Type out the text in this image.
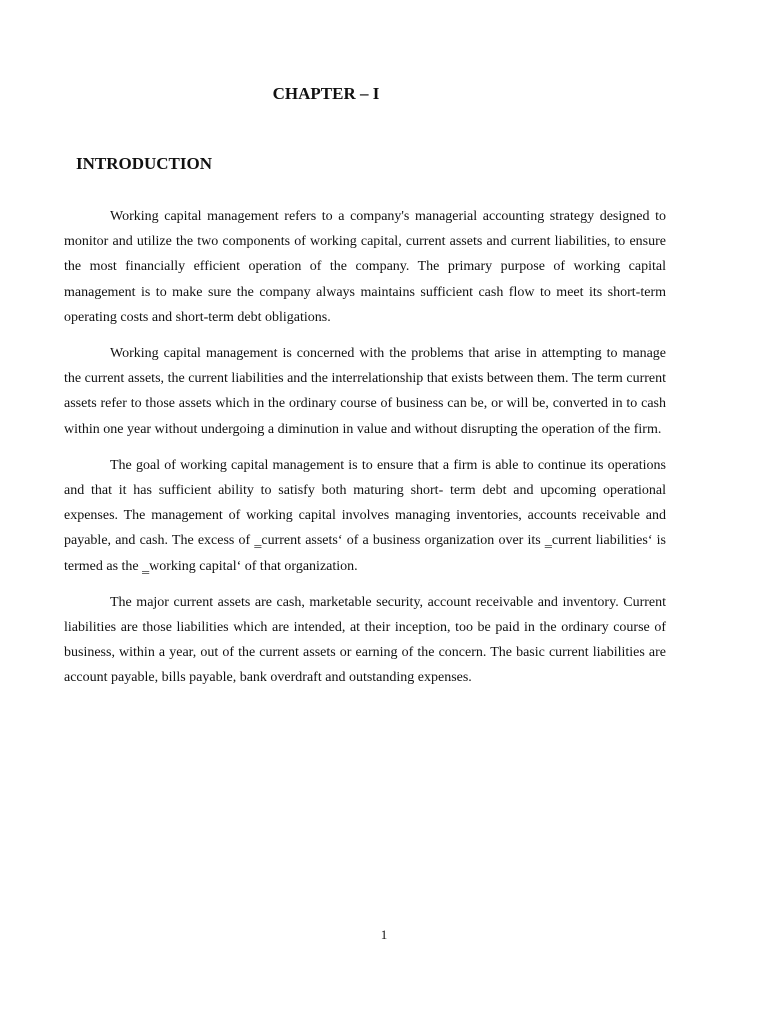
CHAPTER – I
INTRODUCTION

Working capital management refers to a company's managerial accounting strategy designed to monitor and utilize the two components of working capital, current assets and current liabilities, to ensure the most financially efficient operation of the company. The primary purpose of working capital management is to make sure the company always maintains sufficient cash flow to meet its short-term operating costs and short-term debt obligations.

Working capital management is concerned with the problems that arise in attempting to manage the current assets, the current liabilities and the interrelationship that exists between them. The term current assets refer to those assets which in the ordinary course of business can be, or will be, converted in to cash within one year without undergoing a diminution in value and without disrupting the operation of the firm.

The goal of working capital management is to ensure that a firm is able to continue its operations and that it has sufficient ability to satisfy both maturing short- term debt and upcoming operational expenses. The management of working capital involves managing inventories, accounts receivable and payable, and cash. The excess of ‗current assets‘ of a business organization over its ‗current liabilities‘ is termed as the ‗working capital‘ of that organization.

The major current assets are cash, marketable security, account receivable and inventory. Current liabilities are those liabilities which are intended, at their inception, too be paid in the ordinary course of business, within a year, out of the current assets or earning of the concern. The basic current liabilities are account payable, bills payable, bank overdraft and outstanding expenses.

1
